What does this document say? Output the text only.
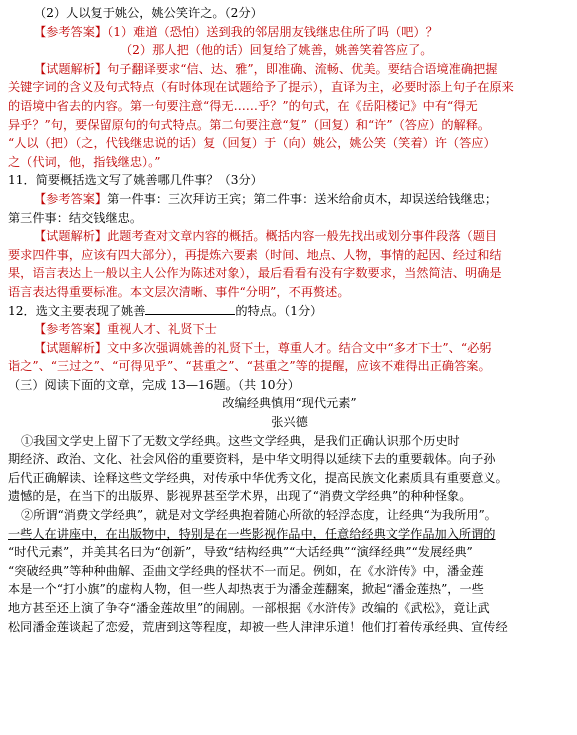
（2）人以复于姚公，姚公笑许之。（2分）
【参考答案】（1）难道（恐怕）送到我的邻居朋友钱继忠住所了吗（吧）？
（2）那人把（他的话）回复给了姚善，姚善笑着答应了。
【试题解析】句子翻译要求“信、达、雅”，即准确、流畅、优美。要结合语境准确把握
关键字词的含义及句式特点（有时体现在试题给予了提示），直译为主，必要时添上句子在原来
的语境中省去的内容。第一句要注意“得无……乎？”的句式，在《岳阳楼记》中有“得无
异乎？”句，要保留原句的句式特点。第二句要注意“复”（回复）和“许”（答应）的解释。
“人以（把）（之，代钱继忠说的话）复（回复）于（向）姚公，姚公笑（笑着）许（答应）
之（代词，他，指钱继忠）。”
11．简要概括选文写了姚善哪几件事？（3分）
【参考答案】第一件事：三次拜访王宾；第二件事：送米给俞贞木，却误送给钱继忠；
第三件事：结交钱继忠。
【试题解析】此题考查对文章内容的概括。概括内容一般先找出或划分事件段落（题目
要求四件事，应该有四大部分），再提炼六要素（时间、地点、人物，事情的起因、经过和结
果，语言表达上一般以主人公作为陈述对象），最后看看有没有字数要求，当然简洁、明确是
语言表达得重要标准。本文层次清晰、事件“分明”，不再赘述。
12．选文主要表现了姚善	的特点。（1分）
【参考答案】重视人才、礼贤下士
【试题解析】文中多次强调姚善的礼贤下士，尊重人才。结合文中“多才下士”、“必躬
诣之”、“三过之”、“可得见乎”、“甚重之”、“甚重之”等的提醒，应该不难得出正确答案。
（三）阅读下面的文章，完成 13—16题。（共 10分）
改编经典慎用“现代元素”
张兴德
①我国文学史上留下了无数文学经典。这些文学经典，是我们正确认识那个历史时
期经济、政治、文化、社会风俗的重要资料，是中华文明得以延续下去的重要载体。向子孙
后代正确解读、诠释这些文学经典，对传承中华优秀文化，提高民族文化素质具有重要意义。
遗憾的是，在当下的出版界、影视界甚至学术界，出现了“消费文学经典”的种种怪象。
②所谓“消费文学经典”，就是对文学经典抱着随心所欲的轻浮态度，让经典“为我所用”。
一些人在讲座中，在出版物中，特别是在一些影视作品中，任意给经典文学作品加入所谓的
“时代元素”，并美其名曰为“创新”，导致“结构经典”“大话经典”“演绎经典”“发展经典”
“突破经典”等种种曲解、歪曲文学经典的怪状不一而足。例如，在《水浒传》中，潘金莲
本是一个“打小旗”的虚构人物，但一些人却热衷于为潘金莲翻案，掀起“潘金莲热”，一些
地方甚至还上演了争夺“潘金莲故里”的闹剧。一部根据《水浒传》改编的《武松》，竟让武
松同潘金莲谈起了恋爱，荒唐到这等程度，却被一些人津津乐道！他们打着传承经典、宣传经
